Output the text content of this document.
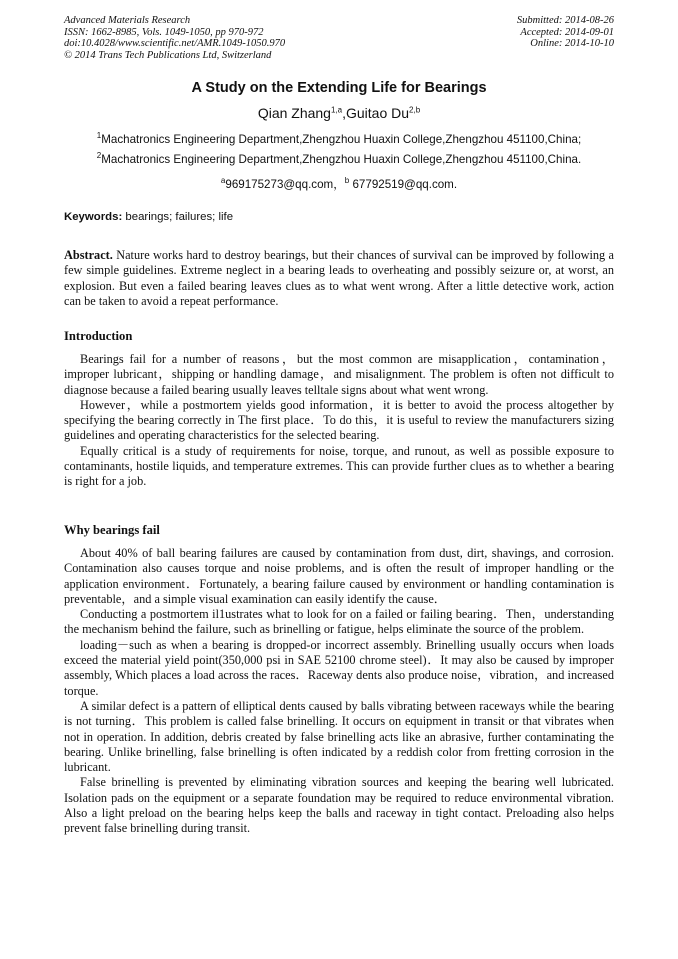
Advanced Materials Research
ISSN: 1662-8985, Vols. 1049-1050, pp 970-972
doi:10.4028/www.scientific.net/AMR.1049-1050.970
© 2014 Trans Tech Publications Ltd, Switzerland
Submitted: 2014-08-26
Accepted: 2014-09-01
Online: 2014-10-10
A Study on the Extending Life for Bearings
Qian Zhang$^{1,a}$,Guitao Du$^{2,b}$
$^1$Machatronics Engineering Department,Zhengzhou Huaxin College,Zhengzhou 451100,China;
$^2$Machatronics Engineering Department,Zhengzhou Huaxin College,Zhengzhou 451100,China.
$^a$969175273@qq.com，$^b$ 67792519@qq.com.
Keywords: bearings; failures; life

Abstract. Nature works hard to destroy bearings, but their chances of survival can be improved by following a few simple guidelines. Extreme neglect in a bearing leads to overheating and possibly seizure or, at worst, an explosion. But even a failed bearing leaves clues as to what went wrong. After a little detective work, action can be taken to avoid a repeat performance.

Introduction

Bearings fail for a number of reasons，but the most common are misapplication，contamination，improper lubricant，shipping or handling damage，and misalignment. The problem is often not difficult to diagnose because a failed bearing usually leaves telltale signs about what went wrong.

However，while a postmortem yields good information，it is better to avoid the process altogether by specifying the bearing correctly in The first place．To do this，it is useful to review the manufacturers sizing guidelines and operating characteristics for the selected bearing.

Equally critical is a study of requirements for noise, torque, and runout, as well as possible exposure to contaminants, hostile liquids, and temperature extremes. This can provide further clues as to whether a bearing is right for a job.

Why bearings fail

About 40% of ball bearing failures are caused by contamination from dust, dirt, shavings, and corrosion. Contamination also causes torque and noise problems, and is often the result of improper handling or the application environment．Fortunately, a bearing failure caused by environment or handling contamination is preventable，and a simple visual examination can easily identify the cause．

Conducting a postmortem il1ustrates what to look for on a failed or failing bearing．Then，understanding the mechanism behind the failure, such as brinelling or fatigue, helps eliminate the source of the problem.

loading－such as when a bearing is dropped-or incorrect assembly. Brinelling usually occurs when loads exceed the material yield point(350,000 psi in SAE 52100 chrome steel)．It may also be caused by improper assembly, Which places a load across the races．Raceway dents also produce noise，vibration，and increased torque.

A similar defect is a pattern of elliptical dents caused by balls vibrating between raceways while the bearing is not turning．This problem is called false brinelling. It occurs on equipment in transit or that vibrates when not in operation. In addition, debris created by false brinelling acts like an abrasive, further contaminating the bearing. Unlike brinelling, false brinelling is often indicated by a reddish color from fretting corrosion in the lubricant.

False brinelling is prevented by eliminating vibration sources and keeping the bearing well lubricated. Isolation pads on the equipment or a separate foundation may be required to reduce environmental vibration. Also a light preload on the bearing helps keep the balls and raceway in tight contact. Preloading also helps prevent false brinelling during transit.
